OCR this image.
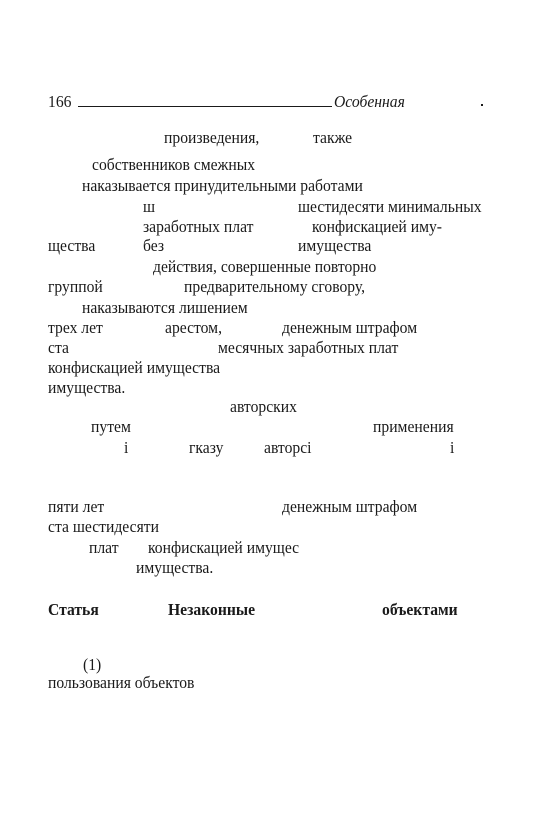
166	Особенная
произведения,	также
собственников смежных
наказывается принудительными работами
ш	шестидесяти минимальных
заработных плат	конфискацией иму-
щества	без	имущества
действия, совершенные повторно
группой	предварительному сговору,
наказываются лишением
трех лет	арестом,	денежным штрафом
ста	месячных заработных плат
конфискацией имущества
имущества.
авторских
путем	применения
і	гказу авторсі	і
пяти лет	денежным штрафом
ста шестидесяти
плат конфискацией имущес
имущества.
Статья	Незаконные	объектами
(1)
пользования объектов
